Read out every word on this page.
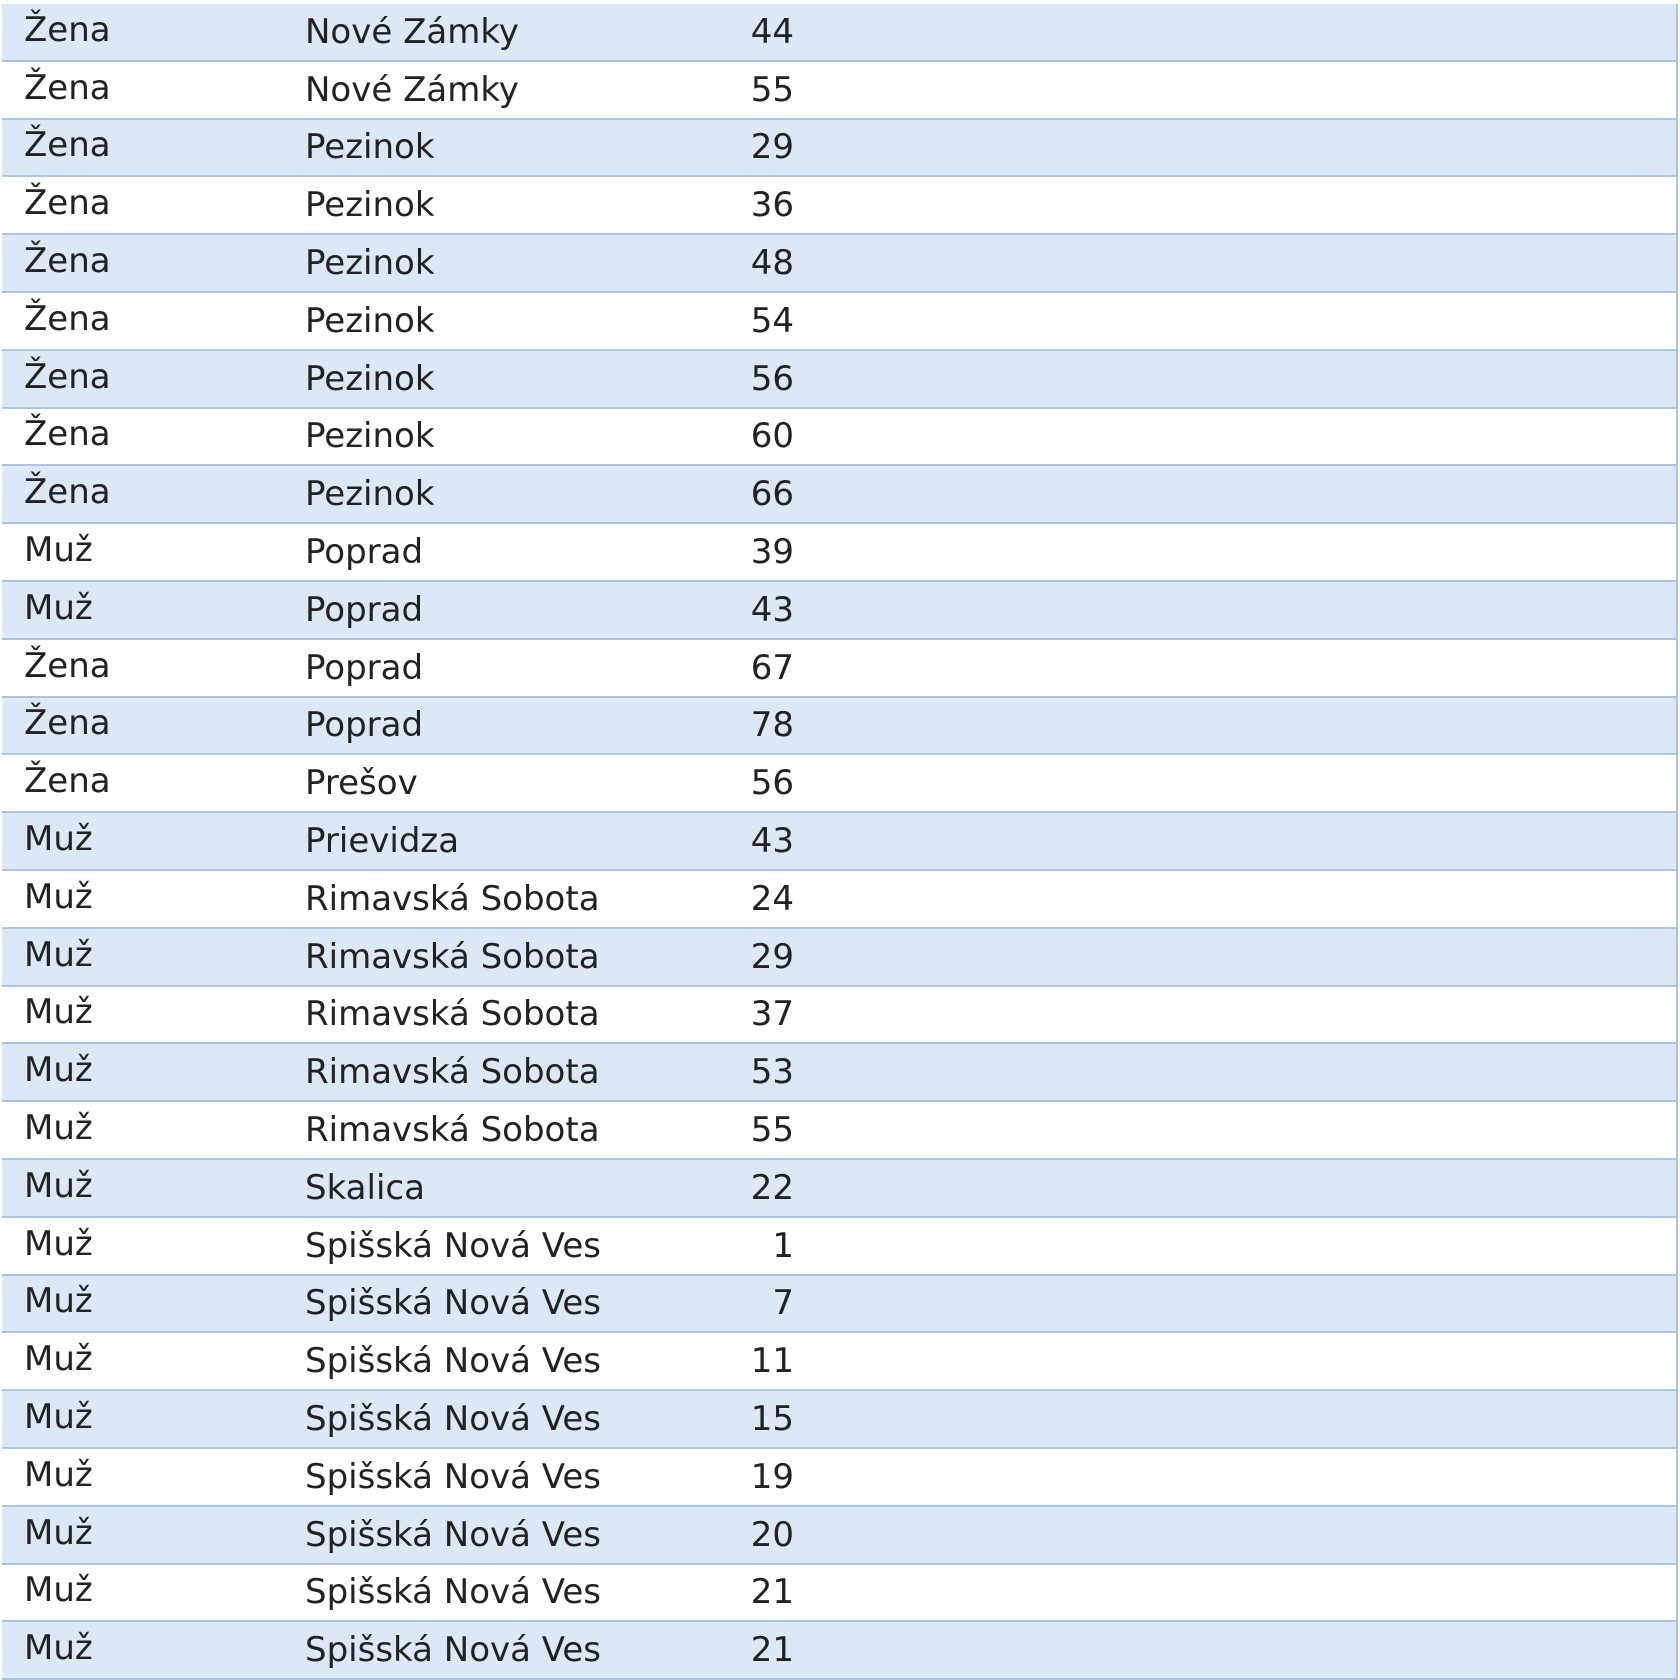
Žena	Nové Zámky	44
Žena	Nové Zámky	55
Žena	Pezinok	29
Žena	Pezinok	36
Žena	Pezinok	48
Žena	Pezinok	54
Žena	Pezinok	56
Žena	Pezinok	60
Žena	Pezinok	66
Muž	Poprad	39
Muž	Poprad	43
Žena	Poprad	67
Žena	Poprad	78
Žena	Prešov	56
Muž	Prievidza	43
Muž	Rimavská Sobota	24
Muž	Rimavská Sobota	29
Muž	Rimavská Sobota	37
Muž	Rimavská Sobota	53
Muž	Rimavská Sobota	55
Muž	Skalica	22
Muž	Spišská Nová Ves	1
Muž	Spišská Nová Ves	7
Muž	Spišská Nová Ves	11
Muž	Spišská Nová Ves	15
Muž	Spišská Nová Ves	19
Muž	Spišská Nová Ves	20
Muž	Spišská Nová Ves	21
Muž	Spišská Nová Ves	21
